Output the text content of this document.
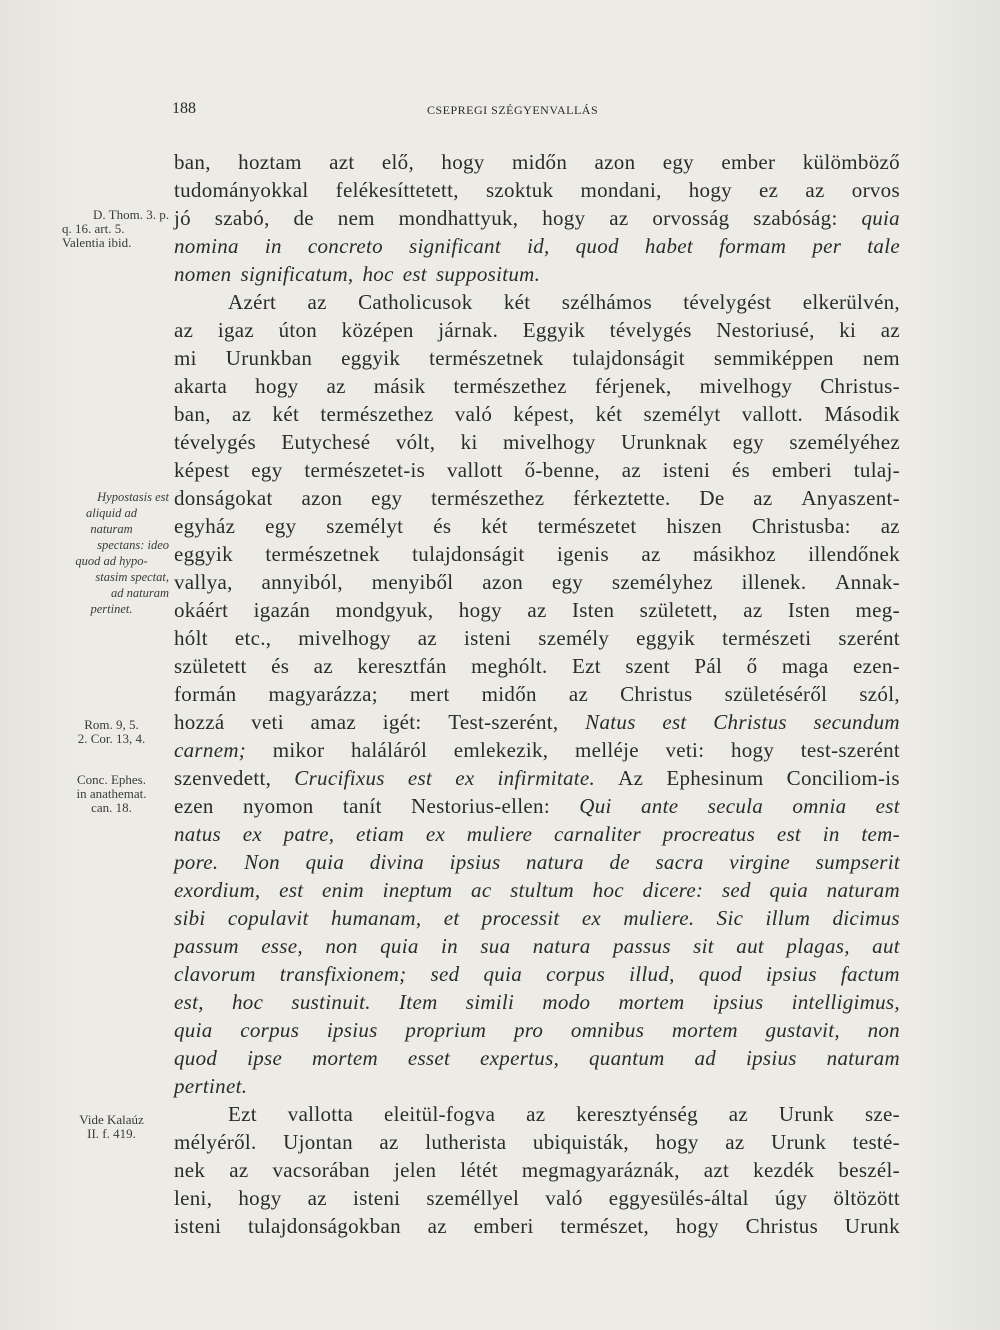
188	CSEPREGI SZÉGYENVALLÁS
D. Thom. 3. p.
q. 16. art. 5.
Valentia ibid.
Hypostasis est
aliquid ad
naturam
spectans: ideo
quod ad hypo-
stasim spectat,
ad naturam
pertinet.
Rom. 9, 5.
2. Cor. 13, 4.
Conc. Ephes.
in anathemat.
can. 18.
Vide Kalaúz
II. f. 419.
ban, hoztam azt elő, hogy midőn azon egy ember külömböző
tudományokkal felékesíttetett, szoktuk mondani, hogy ez az orvos
jó szabó, de nem mondhattyuk, hogy az orvosság szabóság: quia
nomina in concreto significant id, quod habet formam per tale
nomen significatum, hoc est suppositum.
Azért az Catholicusok két szélhámos tévelygést elkerülvén,
az igaz úton középen járnak. Eggyik tévelygés Nestoriusé, ki az
mi Urunkban eggyik természetnek tulajdonságit semmiképpen nem
akarta hogy az másik természethez férjenek, mivelhogy Christus-
ban, az két természethez való képest, két személyt vallott. Második
tévelygés Eutychesé vólt, ki mivelhogy Urunknak egy személyéhez
képest egy természetet-is vallott ő-benne, az isteni és emberi tulaj-
donságokat azon egy természethez férkeztette. De az Anyaszent-
egyház egy személyt és két természetet hiszen Christusba: az
eggyik természetnek tulajdonságit igenis az másikhoz illendőnek
vallya, annyiból, menyiből azon egy személyhez illenek. Annak-
okáért igazán mondgyuk, hogy az Isten született, az Isten meg-
hólt etc., mivelhogy az isteni személy eggyik természeti szerént
született és az keresztfán meghólt. Ezt szent Pál ő maga ezen-
formán magyarázza; mert midőn az Christus születéséről szól,
hozzá veti amaz igét: Test-szerént, Natus est Christus secundum
carnem; mikor haláláról emlekezik, melléje veti: hogy test-szerént
szenvedett, Crucifixus est ex infirmitate. Az Ephesinum Conciliom-is
ezen nyomon tanít Nestorius-ellen: Qui ante secula omnia est
natus ex patre, etiam ex muliere carnaliter procreatus est in tem-
pore. Non quia divina ipsius natura de sacra virgine sumpserit
exordium, est enim ineptum ac stultum hoc dicere: sed quia naturam
sibi copulavit humanam, et processit ex muliere. Sic illum dicimus
passum esse, non quia in sua natura passus sit aut plagas, aut
clavorum transfixionem; sed quia corpus illud, quod ipsius factum
est, hoc sustinuit. Item simili modo mortem ipsius intelligimus,
quia corpus ipsius proprium pro omnibus mortem gustavit, non
quod ipse mortem esset expertus, quantum ad ipsius naturam
pertinet.
Ezt vallotta eleitül-fogva az keresztyénség az Urunk sze-
mélyéről. Ujontan az lutherista ubiquisták, hogy az Urunk testé-
nek az vacsorában jelen létét megmagyaráznák, azt kezdék beszél-
leni, hogy az isteni személlyel való eggyesülés-által úgy öltözött
isteni tulajdonságokban az emberi természet, hogy Christus Urunk
